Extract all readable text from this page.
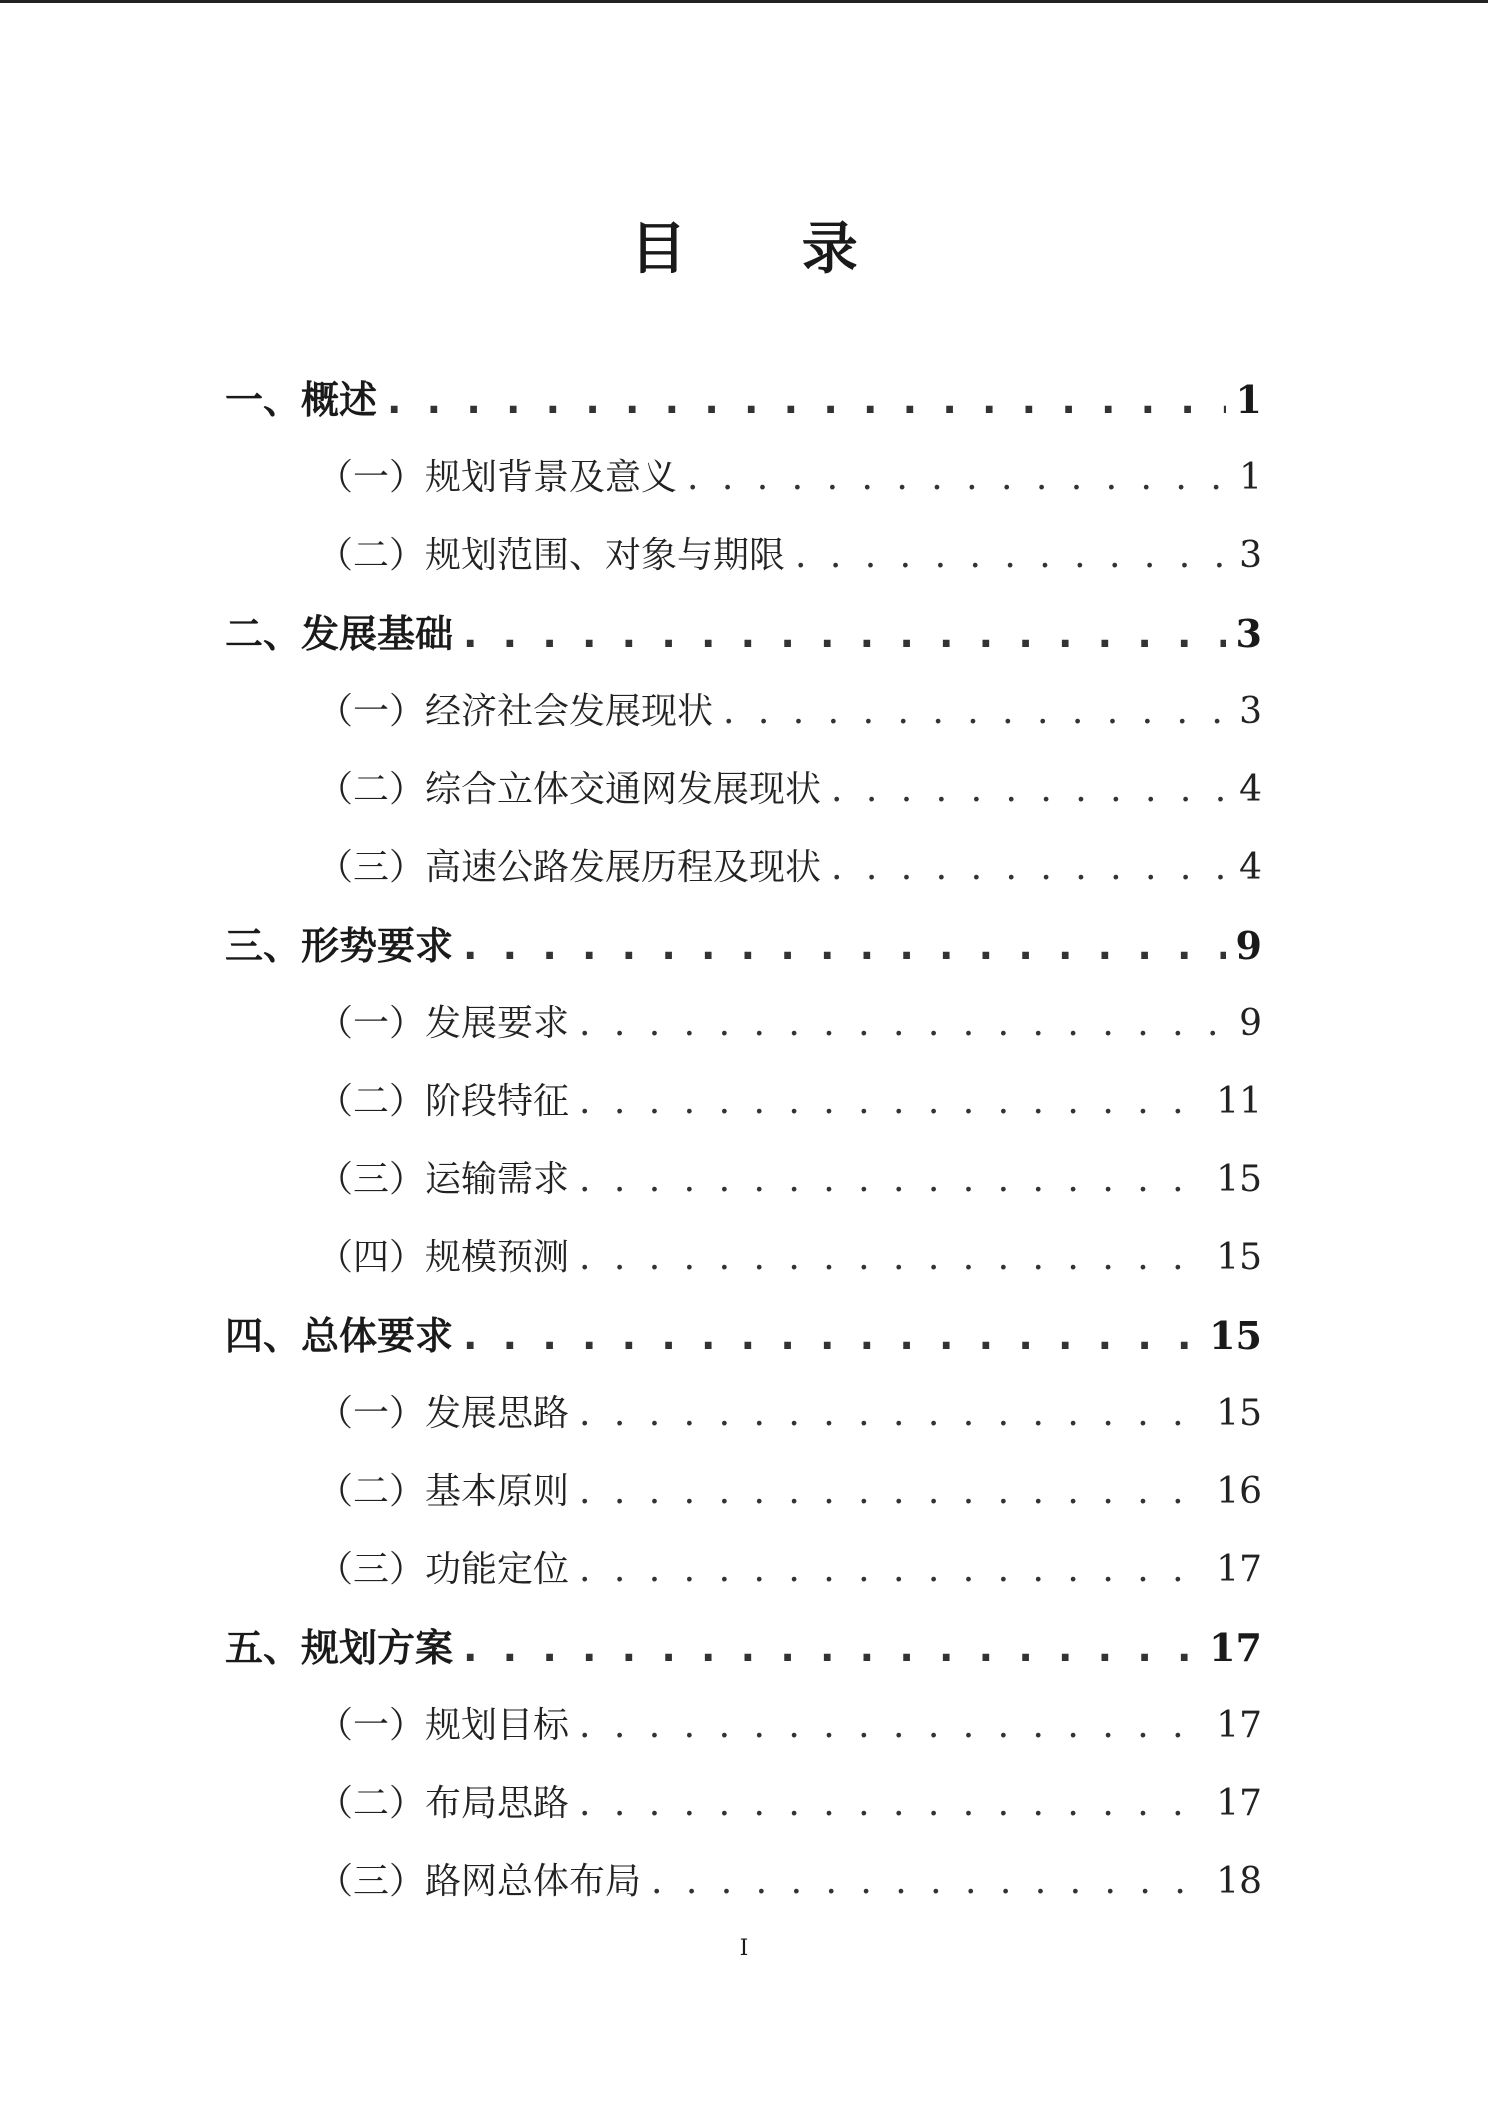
目 录
一、概述 . . .	1
（一）规划背景及意义 . . .	1
（二）规划范围、对象与期限 . . .	3
二、发展基础 . . .	3
（一）经济社会发展现状 . . .	3
（二）综合立体交通网发展现状 . . .	4
（三）高速公路发展历程及现状 . . .	4
三、形势要求 . . .	9
（一）发展要求 . . .	9
（二）阶段特征 . . .	11
（三）运输需求 . . .	15
（四）规模预测 . . .	15
四、总体要求 . . .	15
（一）发展思路 . . .	15
（二）基本原则 . . .	16
（三）功能定位 . . .	17
五、规划方案 . . .	17
（一）规划目标 . . .	17
（二）布局思路 . . .	17
（三）路网总体布局 . . .	18
I
